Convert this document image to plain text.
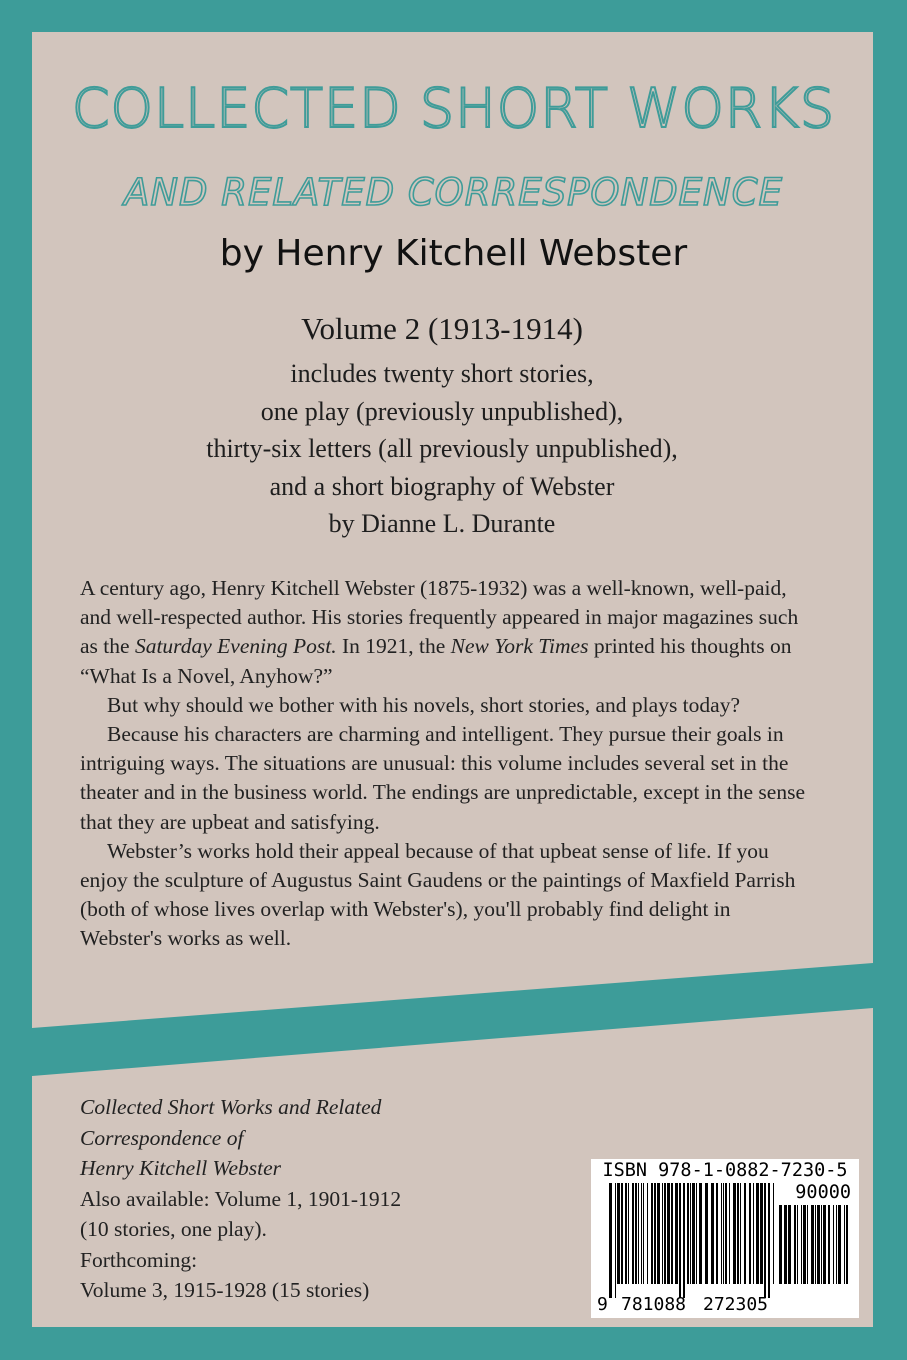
COLLECTED SHORT WORKS
AND RELATED CORRESPONDENCE
by Henry Kitchell Webster
Volume 2 (1913-1914)
includes twenty short stories,
one play (previously unpublished),
thirty-six letters (all previously unpublished),
and a short biography of Webster
by Dianne L. Durante

A century ago, Henry Kitchell Webster (1875-1932) was a well-known, well-paid, and well-respected author. His stories frequently appeared in major magazines such as the Saturday Evening Post. In 1921, the New York Times printed his thoughts on “What Is a Novel, Anyhow?”

But why should we bother with his novels, short stories, and plays today?

Because his characters are charming and intelligent. They pursue their goals in intriguing ways. The situations are unusual: this volume includes several set in the theater and in the business world. The endings are unpredictable, except in the sense that they are upbeat and satisfying.

Webster’s works hold their appeal because of that upbeat sense of life. If you enjoy the sculpture of Augustus Saint Gaudens or the paintings of Maxfield Parrish (both of whose lives overlap with Webster's), you'll probably find delight in Webster's works as well.

Collected Short Works and Related
Correspondence of
Henry Kitchell Webster
Also available: Volume 1, 1901-1912
(10 stories, one play).
Forthcoming:
Volume 3, 1915-1928 (15 stories)
ISBN 978-1-0882-7230-5
90000
9 781088 272305
